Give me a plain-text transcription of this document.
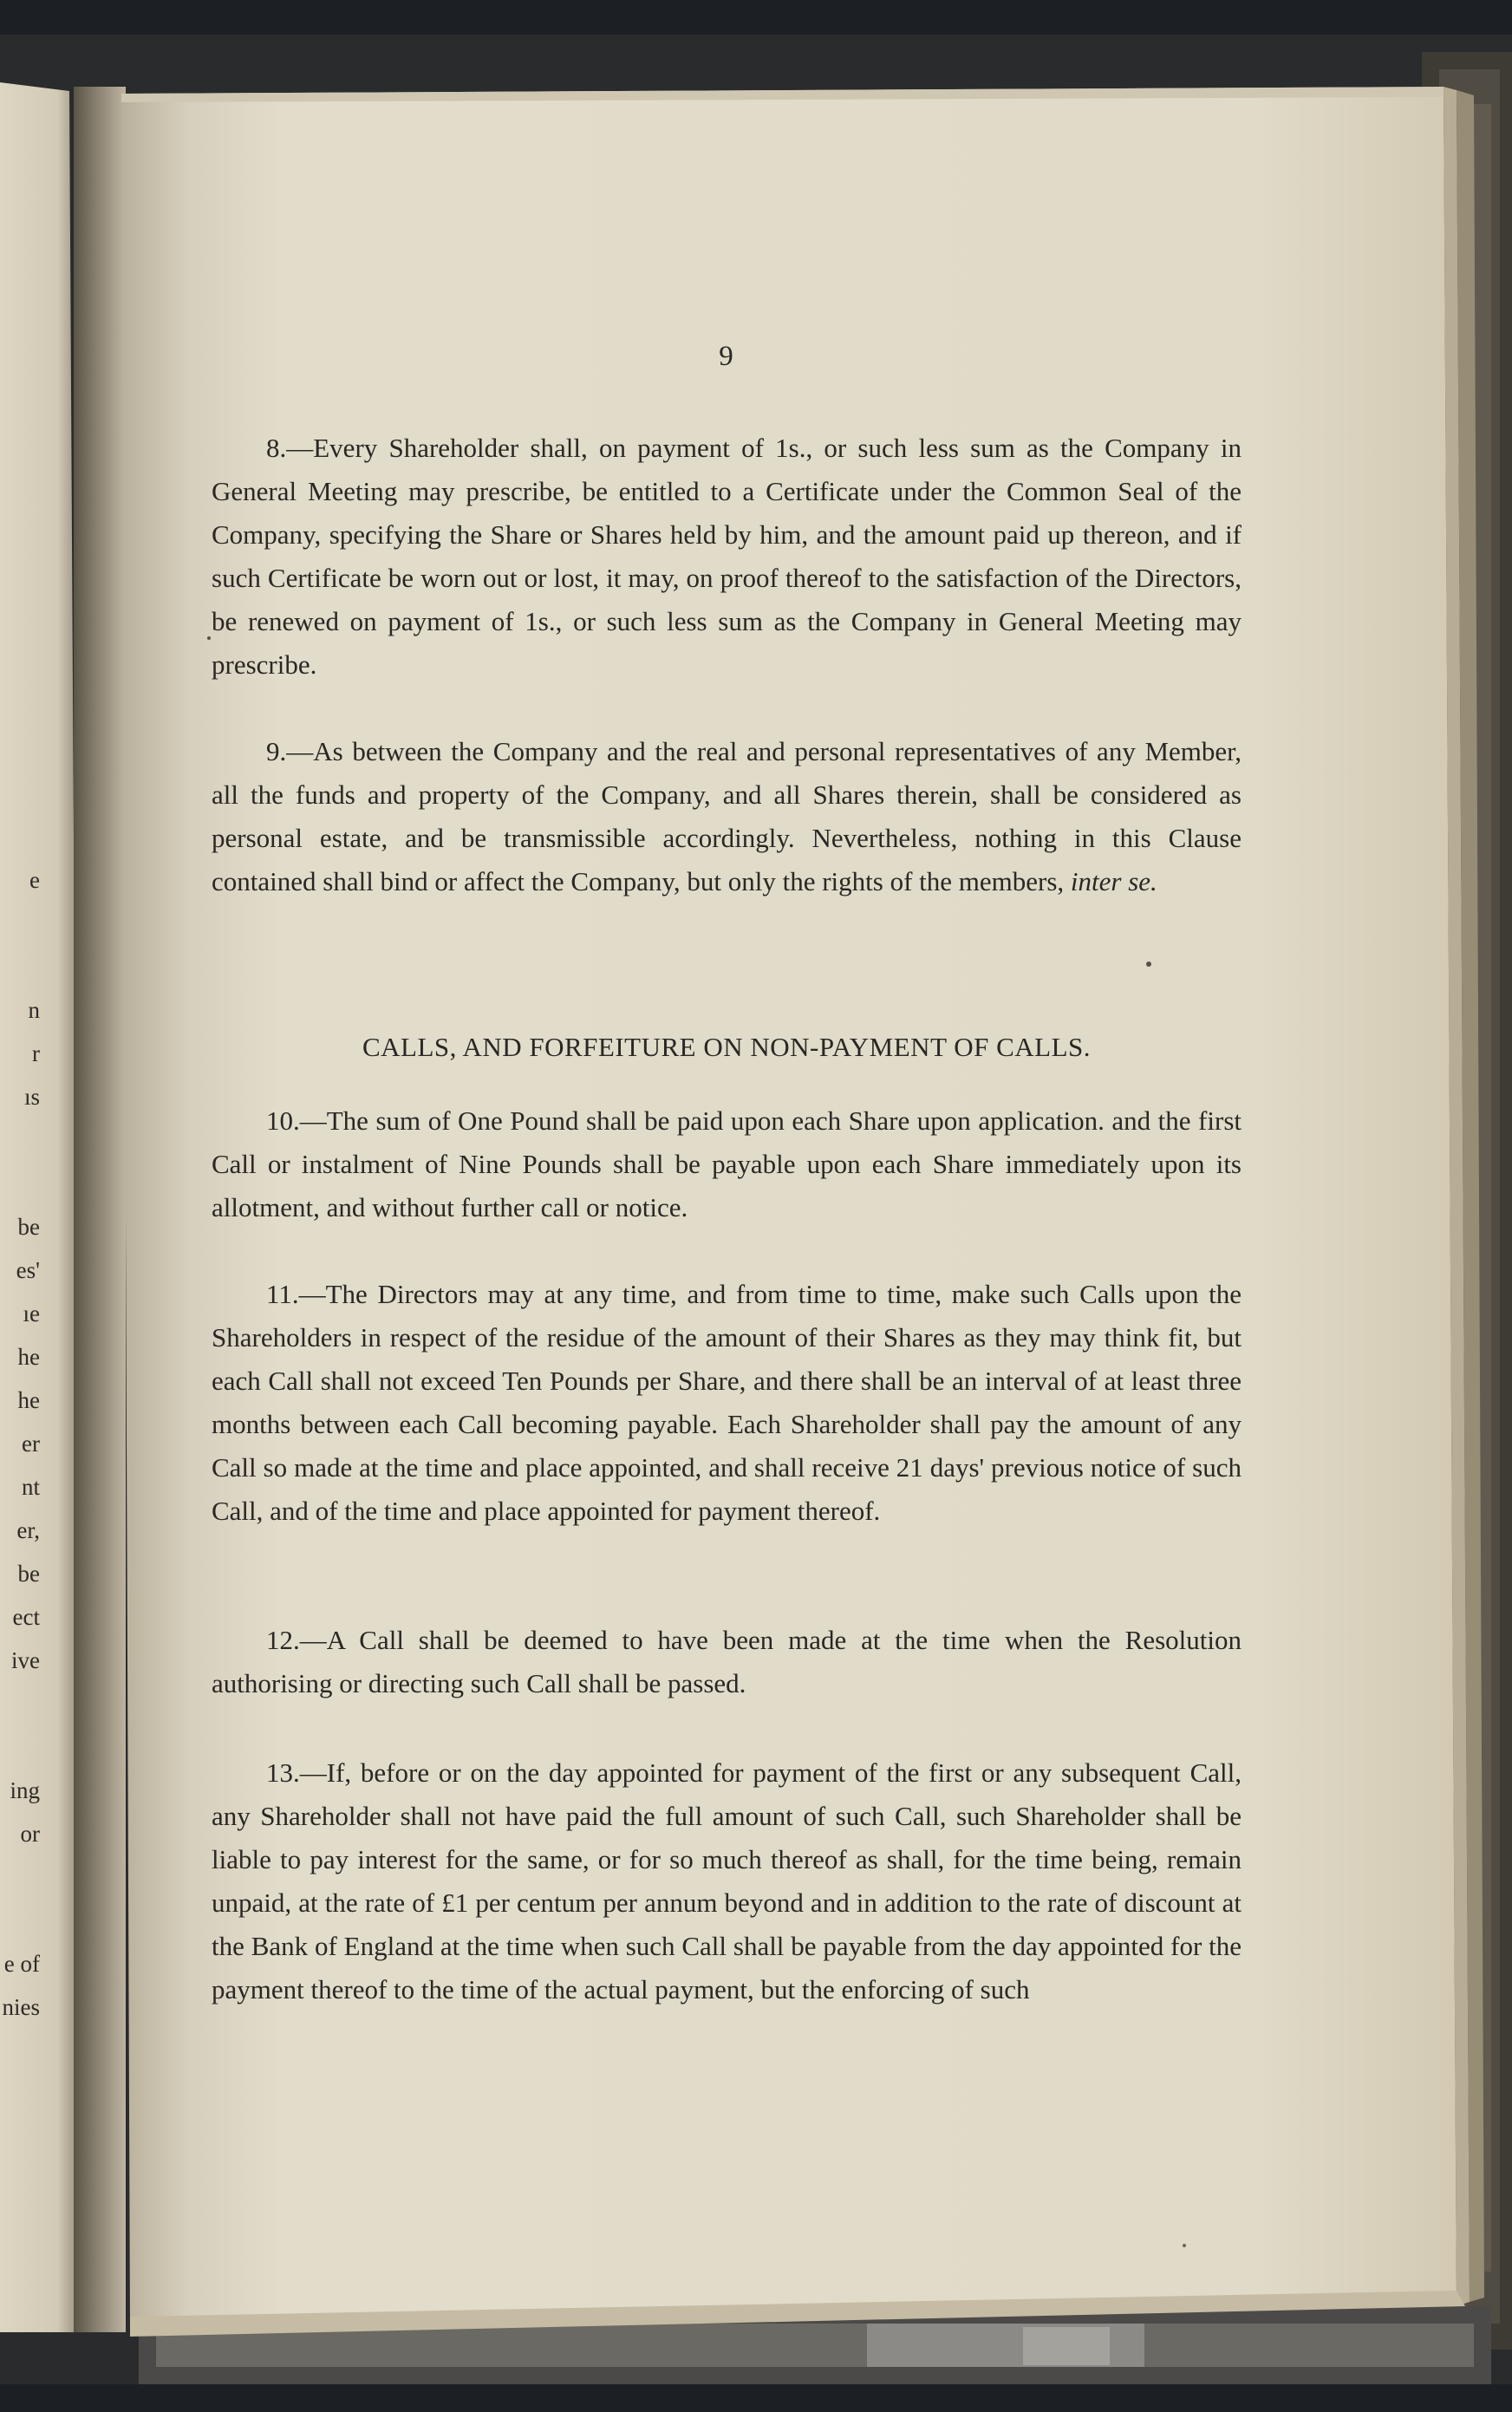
e
n
r
ıs
be
es'
ıe
he
he
er
nt
er,
be
ect
ive
ing
or
e of
nies
9

8.—Every Shareholder shall, on payment of 1s., or such less sum as the Company in General Meeting may prescribe, be entitled to a Certificate under the Common Seal of the Company, specifying the Share or Shares held by him, and the amount paid up thereon, and if such Certificate be worn out or lost, it may, on proof thereof to the satisfaction of the Directors, be renewed on payment of 1s., or such less sum as the Company in General Meeting may prescribe.

9.—As between the Company and the real and personal representatives of any Member, all the funds and property of the Company, and all Shares therein, shall be considered as personal estate, and be transmissible accordingly. Nevertheless, nothing in this Clause contained shall bind or affect the Company, but only the rights of the members, inter se.

CALLS, AND FORFEITURE ON NON-PAYMENT OF CALLS.

10.—The sum of One Pound shall be paid upon each Share upon application. and the first Call or instalment of Nine Pounds shall be payable upon each Share immediately upon its allotment, and without further call or notice.

11.—The Directors may at any time, and from time to time, make such Calls upon the Shareholders in respect of the residue of the amount of their Shares as they may think fit, but each Call shall not exceed Ten Pounds per Share, and there shall be an interval of at least three months between each Call becoming payable. Each Shareholder shall pay the amount of any Call so made at the time and place appointed, and shall receive 21 days' previous notice of such Call, and of the time and place appointed for payment thereof.

12.—A Call shall be deemed to have been made at the time when the Resolution authorising or directing such Call shall be passed.

13.—If, before or on the day appointed for payment of the first or any subsequent Call, any Shareholder shall not have paid the full amount of such Call, such Shareholder shall be liable to pay interest for the same, or for so much thereof as shall, for the time being, remain unpaid, at the rate of £1 per centum per annum beyond and in addition to the rate of discount at the Bank of England at the time when such Call shall be payable from the day appointed for the payment thereof to the time of the actual payment, but the enforcing of such
